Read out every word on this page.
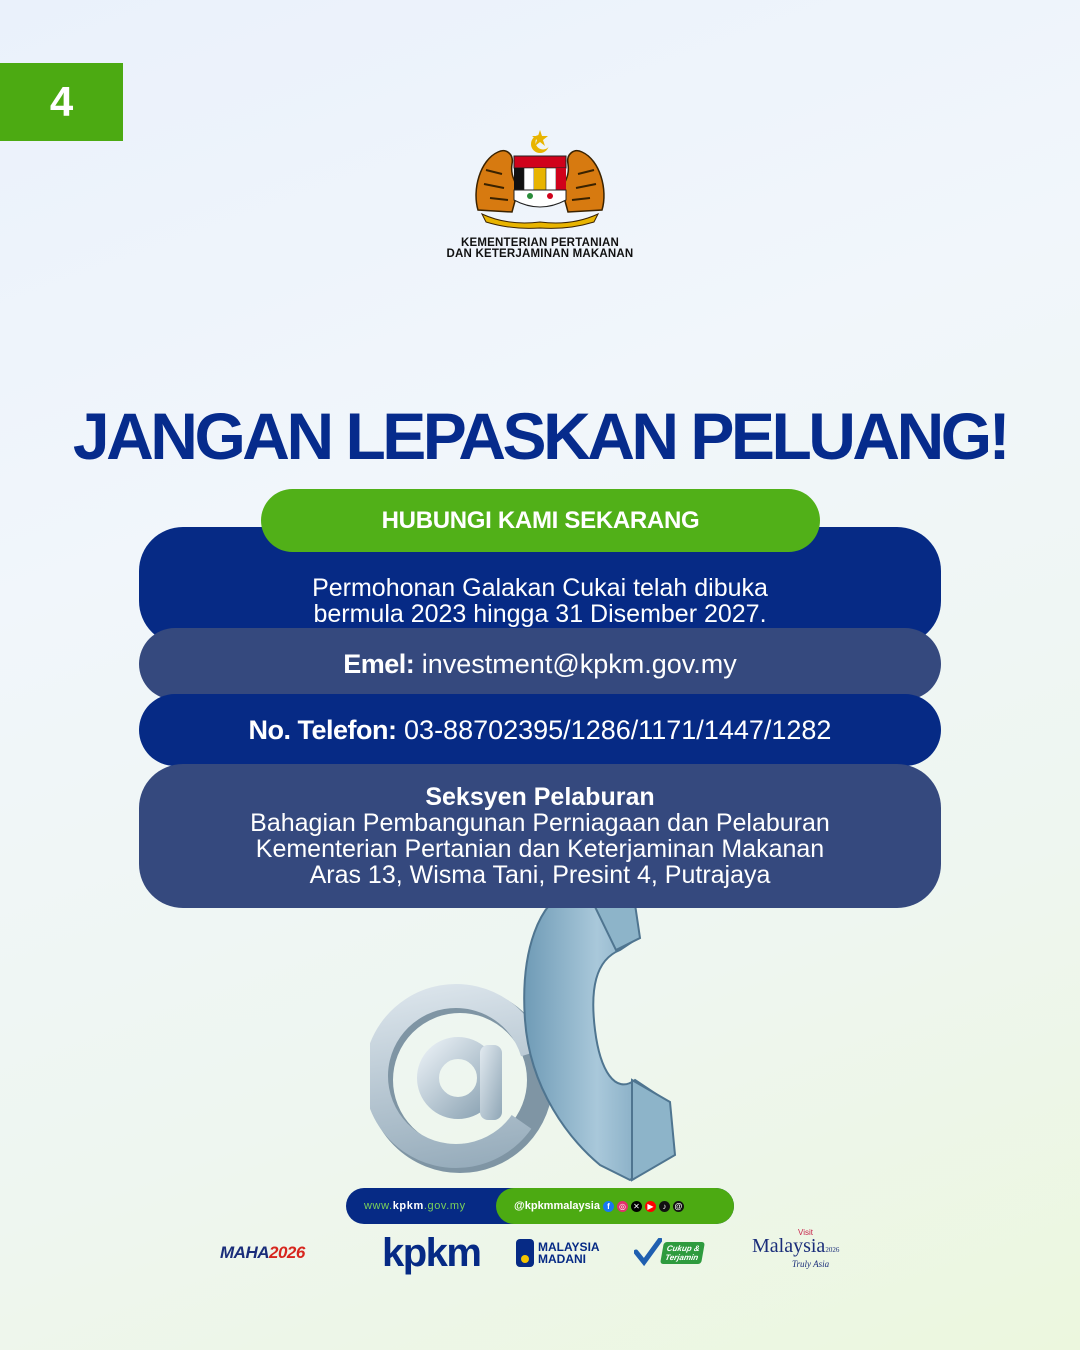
4
KEMENTERIAN PERTANIAN
DAN KETERJAMINAN MAKANAN
JANGAN LEPASKAN PELUANG!
HUBUNGI KAMI SEKARANG
Permohonan Galakan Cukai telah dibuka
bermula 2023 hingga 31 Disember 2027.
Emel: investment@kpkm.gov.my
No. Telefon: 03-88702395/1286/1171/1447/1282
Seksyen Pelaburan
Bahagian Pembangunan Perniagaan dan Pelaburan
Kementerian Pertanian dan Keterjaminan Makanan
Aras 13, Wisma Tani, Presint 4, Putrajaya
www.kpkm.gov.my	@kpkmmalaysia f	◎ ✕ ▶	♪	@
MAHA 2026 kpkm	MALAYSIA
MADANI
Cukup &
Terjamin
Visit
Malaysia2026
Truly Asia
